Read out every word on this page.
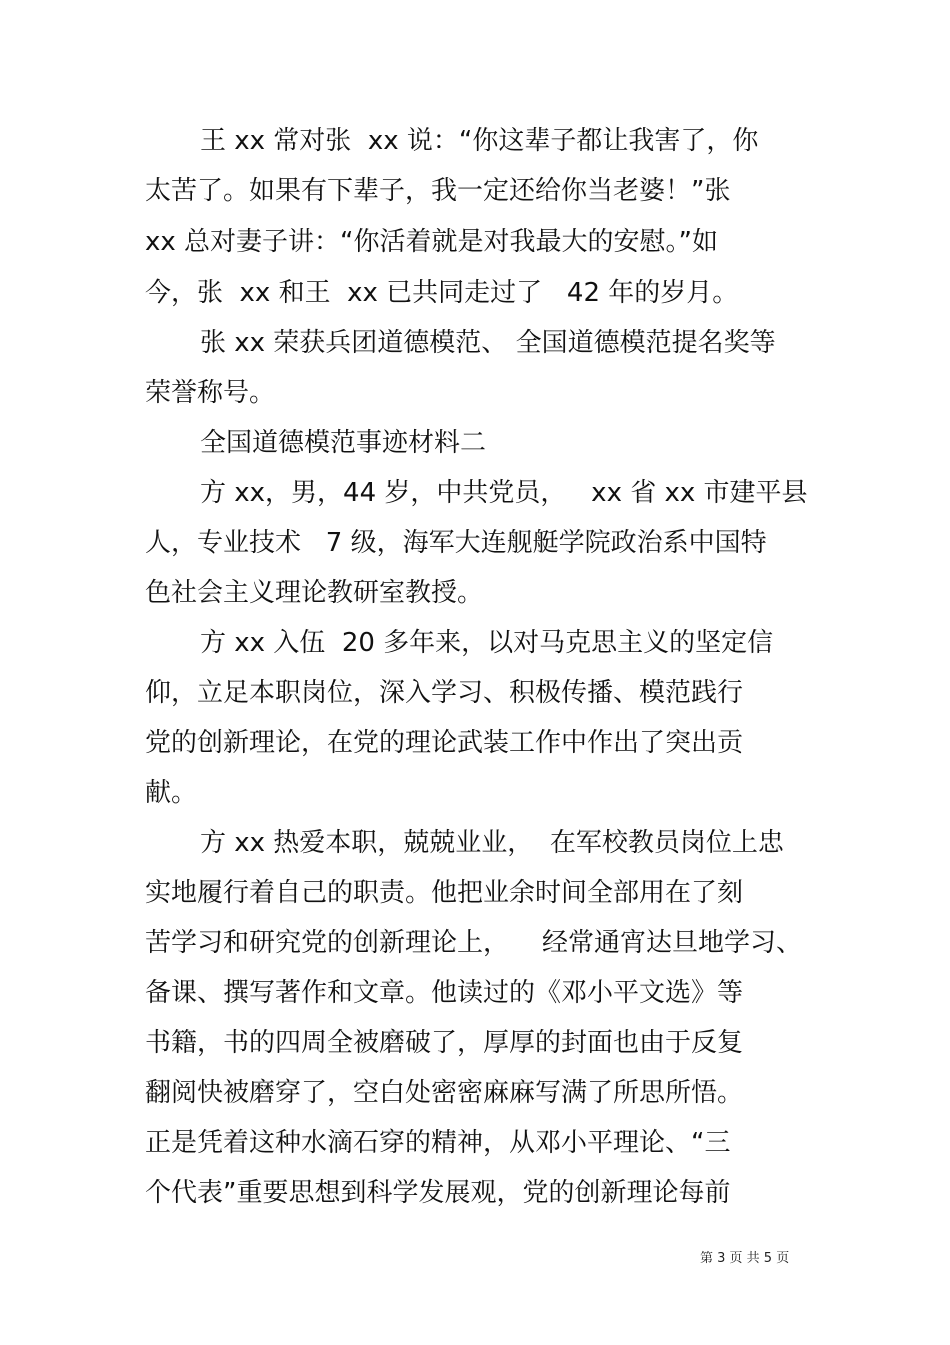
王 xx 常对张  xx 说：“你这辈子都让我害了，你
太苦了。如果有下辈子，我一定还给你当老婆！”张
xx 总对妻子讲：“你活着就是对我最大的安慰。”如
今，张  xx 和王  xx 已共同走过了   42 年的岁月。
张 xx 荣获兵团道德模范、 全国道德模范提名奖等
荣誉称号。
全国道德模范事迹材料二
方 xx，男，44 岁，中共党员，   xx 省 xx 市建平县
人，专业技术   7 级，海军大连舰艇学院政治系中国特
色社会主义理论教研室教授。
方 xx 入伍  20 多年来，以对马克思主义的坚定信
仰，立足本职岗位，深入学习、积极传播、模范践行
党的创新理论，在党的理论武装工作中作出了突出贡
献。
方 xx 热爱本职，兢兢业业，  在军校教员岗位上忠
实地履行着自己的职责。他把业余时间全部用在了刻
苦学习和研究党的创新理论上，    经常通宵达旦地学习、
备课、撰写著作和文章。他读过的《邓小平文选》等
书籍，书的四周全被磨破了，厚厚的封面也由于反复
翻阅快被磨穿了，空白处密密麻麻写满了所思所悟。
正是凭着这种水滴石穿的精神，从邓小平理论、“三
个代表”重要思想到科学发展观，党的创新理论每前
第 3 页 共 5 页
